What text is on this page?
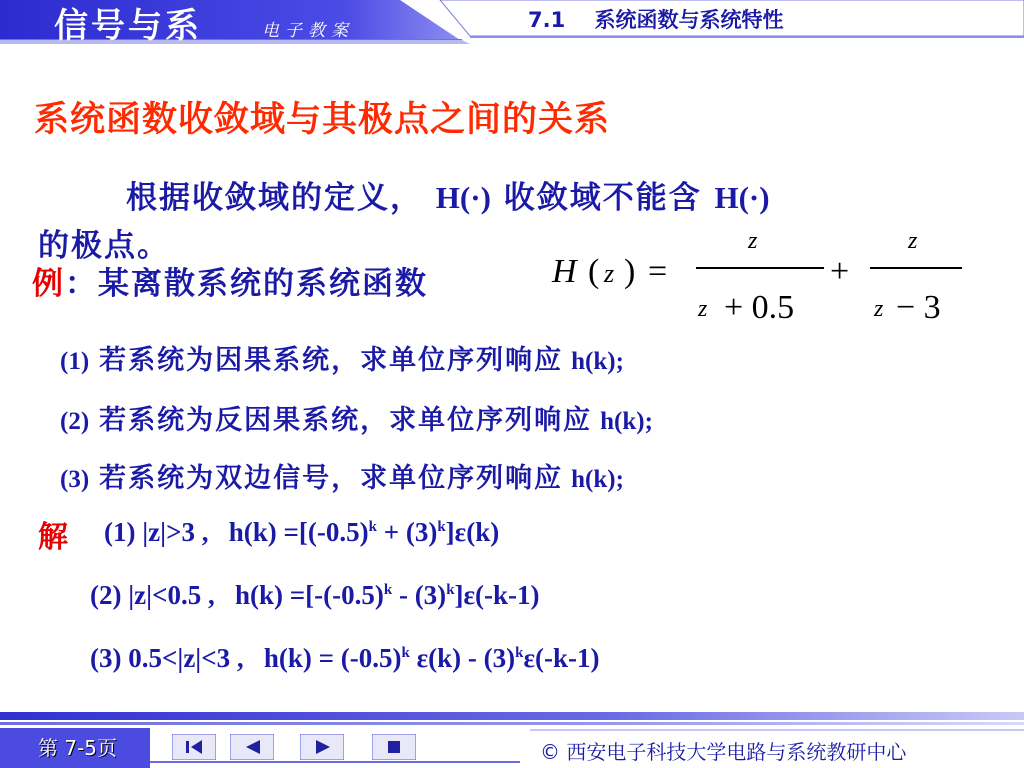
信号与系	电子教案	7.1    系统函数与系统特性
系统函数收敛域与其极点之间的关系
根据收敛域的定义， H(·) 收敛域不能含 H(·)
的极点。
例：某离散系统的系统函数	H ( z ) =
z
z + 0.5
+
z
z − 3
(1) 若系统为因果系统，求单位序列响应 h(k);
(2) 若系统为反因果系统，求单位序列响应 h(k);
(3) 若系统为双边信号，求单位序列响应 h(k);
解 (1) |z|>3 ,   $h(k) =[(-0.5)^k + (3)^k]\varepsilon(k)$
(2) |z|<0.5 ,   $h(k) =[-(-0.5)^k - (3)^k]\varepsilon(-k-1)$
(3) 0.5<|z|<3 ,   $h(k) = (-0.5)^k$ $\varepsilon(k) - (3)^k\varepsilon(-k-1)$
第 7-5页	© 西安电子科技大学电路与系统教研中心
